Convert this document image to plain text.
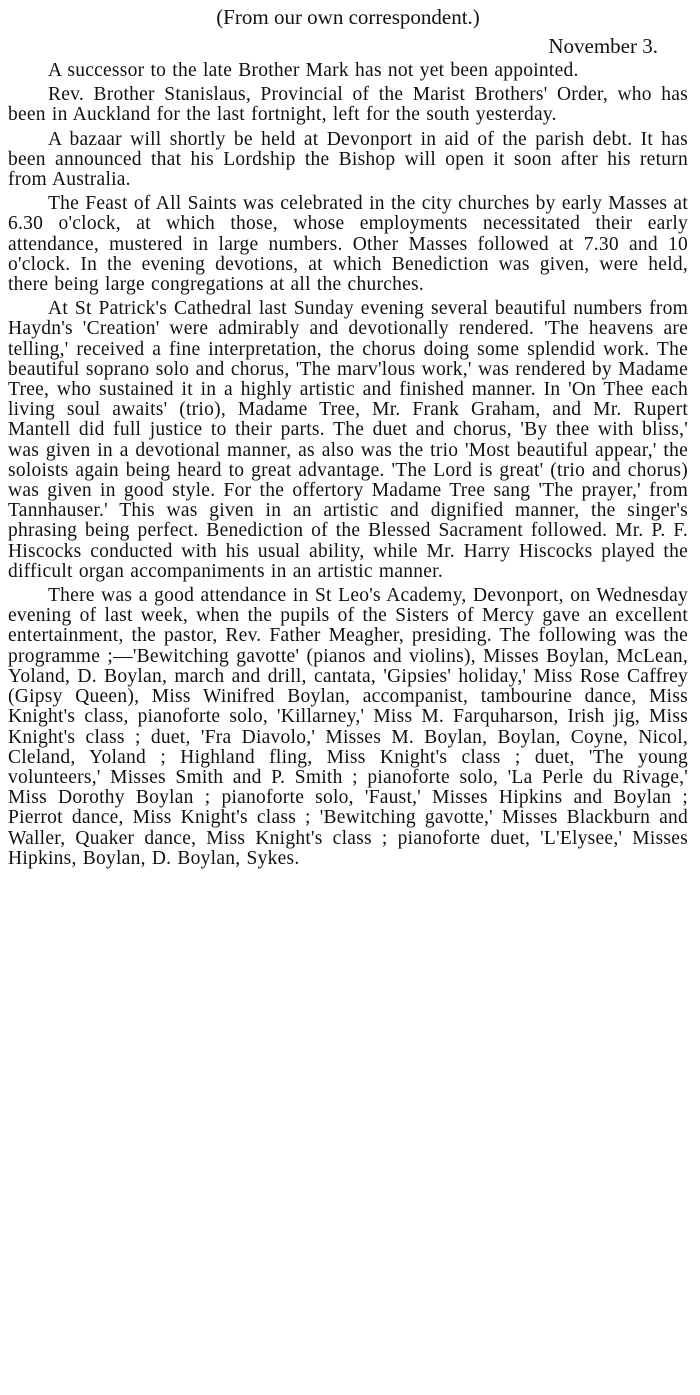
(From our own correspondent.)

November 3.

A successor to the late Brother Mark has not yet been appointed.

Rev. Brother Stanislaus, Provincial of the Marist Brothers' Order, who has been in Auckland for the last fortnight, left for the south yesterday.

A bazaar will shortly be held at Devonport in aid of the parish debt. It has been announced that his Lordship the Bishop will open it soon after his return from Australia.

The Feast of All Saints was celebrated in the city churches by early Masses at 6.30 o'clock, at which those, whose employments necessitated their early attendance, mustered in large numbers. Other Masses followed at 7.30 and 10 o'clock. In the evening devotions, at which Benediction was given, were held, there being large congregations at all the churches.

At St Patrick's Cathedral last Sunday evening several beautiful numbers from Haydn's 'Creation' were admirably and devotionally rendered. 'The heavens are telling,' received a fine interpretation, the chorus doing some splendid work. The beautiful soprano solo and chorus, 'The marv'lous work,' was rendered by Madame Tree, who sustained it in a highly artistic and finished manner. In 'On Thee each living soul awaits' (trio), Madame Tree, Mr. Frank Graham, and Mr. Rupert Mantell did full justice to their parts. The duet and chorus, 'By thee with bliss,' was given in a devotional manner, as also was the trio 'Most beautiful appear,' the soloists again being heard to great advantage. 'The Lord is great' (trio and chorus) was given in good style. For the offertory Madame Tree sang 'The prayer,' from Tannhauser.' This was given in an artistic and dignified manner, the singer's phrasing being perfect. Benediction of the Blessed Sacrament followed. Mr. P. F. Hiscocks conducted with his usual ability, while Mr. Harry Hiscocks played the difficult organ accompaniments in an artistic manner.

There was a good attendance in St Leo's Academy, Devonport, on Wednesday evening of last week, when the pupils of the Sisters of Mercy gave an excellent entertainment, the pastor, Rev. Father Meagher, presiding. The following was the programme ;—'Bewitching gavotte' (pianos and violins), Misses Boylan, McLean, Yoland, D. Boylan, march and drill, cantata, 'Gipsies' holiday,' Miss Rose Caffrey (Gipsy Queen), Miss Winifred Boylan, accompanist, tambourine dance, Miss Knight's class, pianoforte solo, 'Killarney,' Miss M. Farquharson, Irish jig, Miss Knight's class ; duet, 'Fra Diavolo,' Misses M. Boylan, Boylan, Coyne, Nicol, Cleland, Yoland ; Highland fling, Miss Knight's class ; duet, 'The young volunteers,' Misses Smith and P. Smith ; pianoforte solo, 'La Perle du Rivage,' Miss Dorothy Boylan ; pianoforte solo, 'Faust,' Misses Hipkins and Boylan ; Pierrot dance, Miss Knight's class ; 'Bewitching gavotte,' Misses Blackburn and Waller, Quaker dance, Miss Knight's class ; pianoforte duet, 'L'Elysee,' Misses Hipkins, Boylan, D. Boylan, Sykes.
